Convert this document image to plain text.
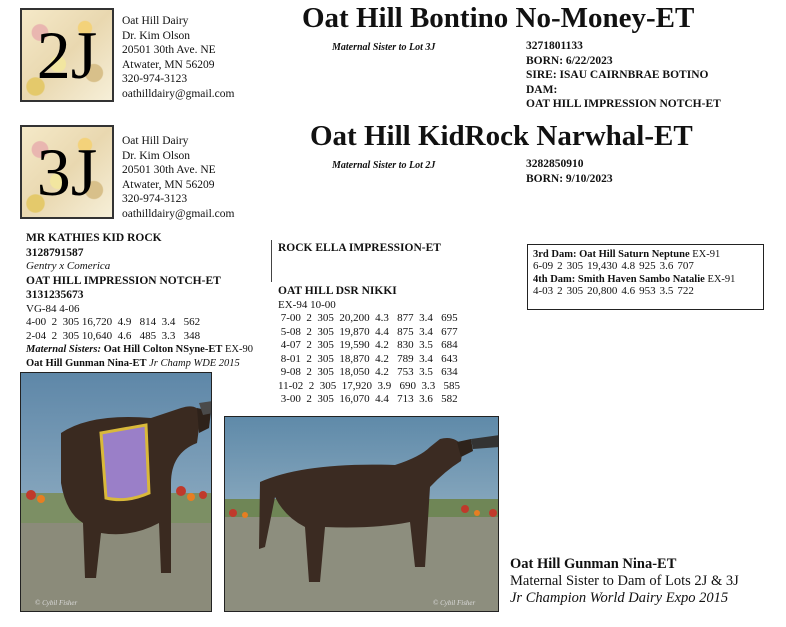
2J Oat Hill Dairy
Dr. Kim Olson
20501 30th Ave. NE
Atwater, MN 56209
320-974-3123
oathilldairy@gmail.com
Oat Hill Bontino No-Money-ET
Maternal Sister to Lot 3J	3271801133
BORN: 6/22/2023
SIRE: ISAU CAIRNBRAE BOTINO
DAM:
OAT HILL IMPRESSION NOTCH-ET
3J Oat Hill Dairy
Dr. Kim Olson
20501 30th Ave. NE
Atwater, MN 56209
320-974-3123
oathilldairy@gmail.com
Oat Hill KidRock Narwhal-ET
Maternal Sister to Lot 2J	3282850910
BORN: 9/10/2023
MR KATHIES KID ROCK
3128791587
Gentry x Comerica
OAT HILL IMPRESSION NOTCH-ET
3131235673
VG-84 4-06
4-00  2  305 16,720  4.9   814  3.4   562
2-04  2  305 10,640  4.6   485  3.3   348
Maternal Sisters: Oat Hill Colton NSyne-ET EX-90
Oat Hill Gunman Nina-ET Jr Champ WDE 2015
ROCK ELLA IMPRESSION-ET
OAT HILL DSR NIKKI
EX-94 10-00
7-00  2  305  20,200  4.3   877  3.4   695
5-08  2  305  19,870  4.4   875  3.4   677
4-07  2  305  19,590  4.2   830  3.5   684
8-01  2  305  18,870  4.2   789  3.4   643
9-08  2  305  18,050  4.2   753  3.5   634
11-02  2  305  17,920  3.9   690  3.3   585
3-00  2  305  16,070  4.4   713  3.6   582
3rd Dam: Oat Hill Saturn Neptune EX-91
6-09	2	305	19,430	4.8	925	3.6	707
4th Dam: Smith Haven Sambo Natalie EX-91
4-03	2	305	20,800	4.6	953	3.5	722
© Cybil Fisher	© Cybil Fisher
Oat Hill Gunman Nina-ET
Maternal Sister to Dam of Lots 2J & 3J
Jr Champion World Dairy Expo 2015
